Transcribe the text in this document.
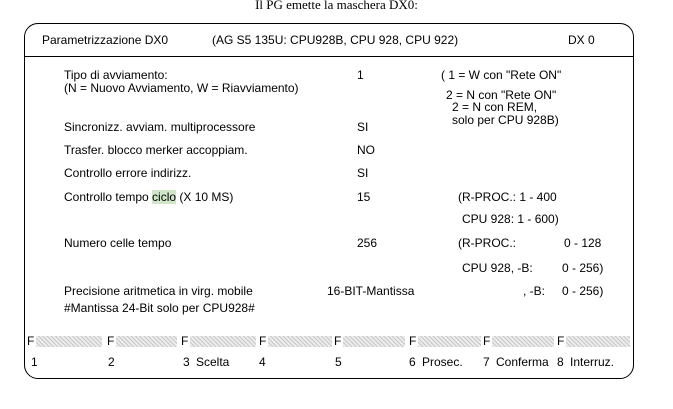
Il PG emette la maschera DX0:
Parametrizzazione DX0	(AG S5 135U: CPU928B, CPU 928, CPU 922)	DX 0
Tipo di avviamento:
(N = Nuovo Avviamento, W = Riavviamento)
1	( 1 = W con "Rete ON"
2 = N con "Rete ON"
2 = N con REM,
solo per CPU 928B)
Sincronizz. avviam. multiprocessore	SI
Trasfer. blocco merker accoppiam.	NO
Controllo errore indirizz.	SI
Controllo tempo ciclo (X 10 MS)	15	(R-PROC.: 1 - 400
CPU 928: 1 - 600)
Numero celle tempo	256	(R-PROC.:	0 - 128
CPU 928, -B: 0 - 256)
Precisione aritmetica in virg. mobile	16-BIT-Mantissa	, -B: 0 - 256)
#Mantissa 24-Bit solo per CPU928#
F
1
F
2
F
3 Scelta
F
4
F
5
F
6 Prosec.
F
7 Conferma
F
8 Interruz.
